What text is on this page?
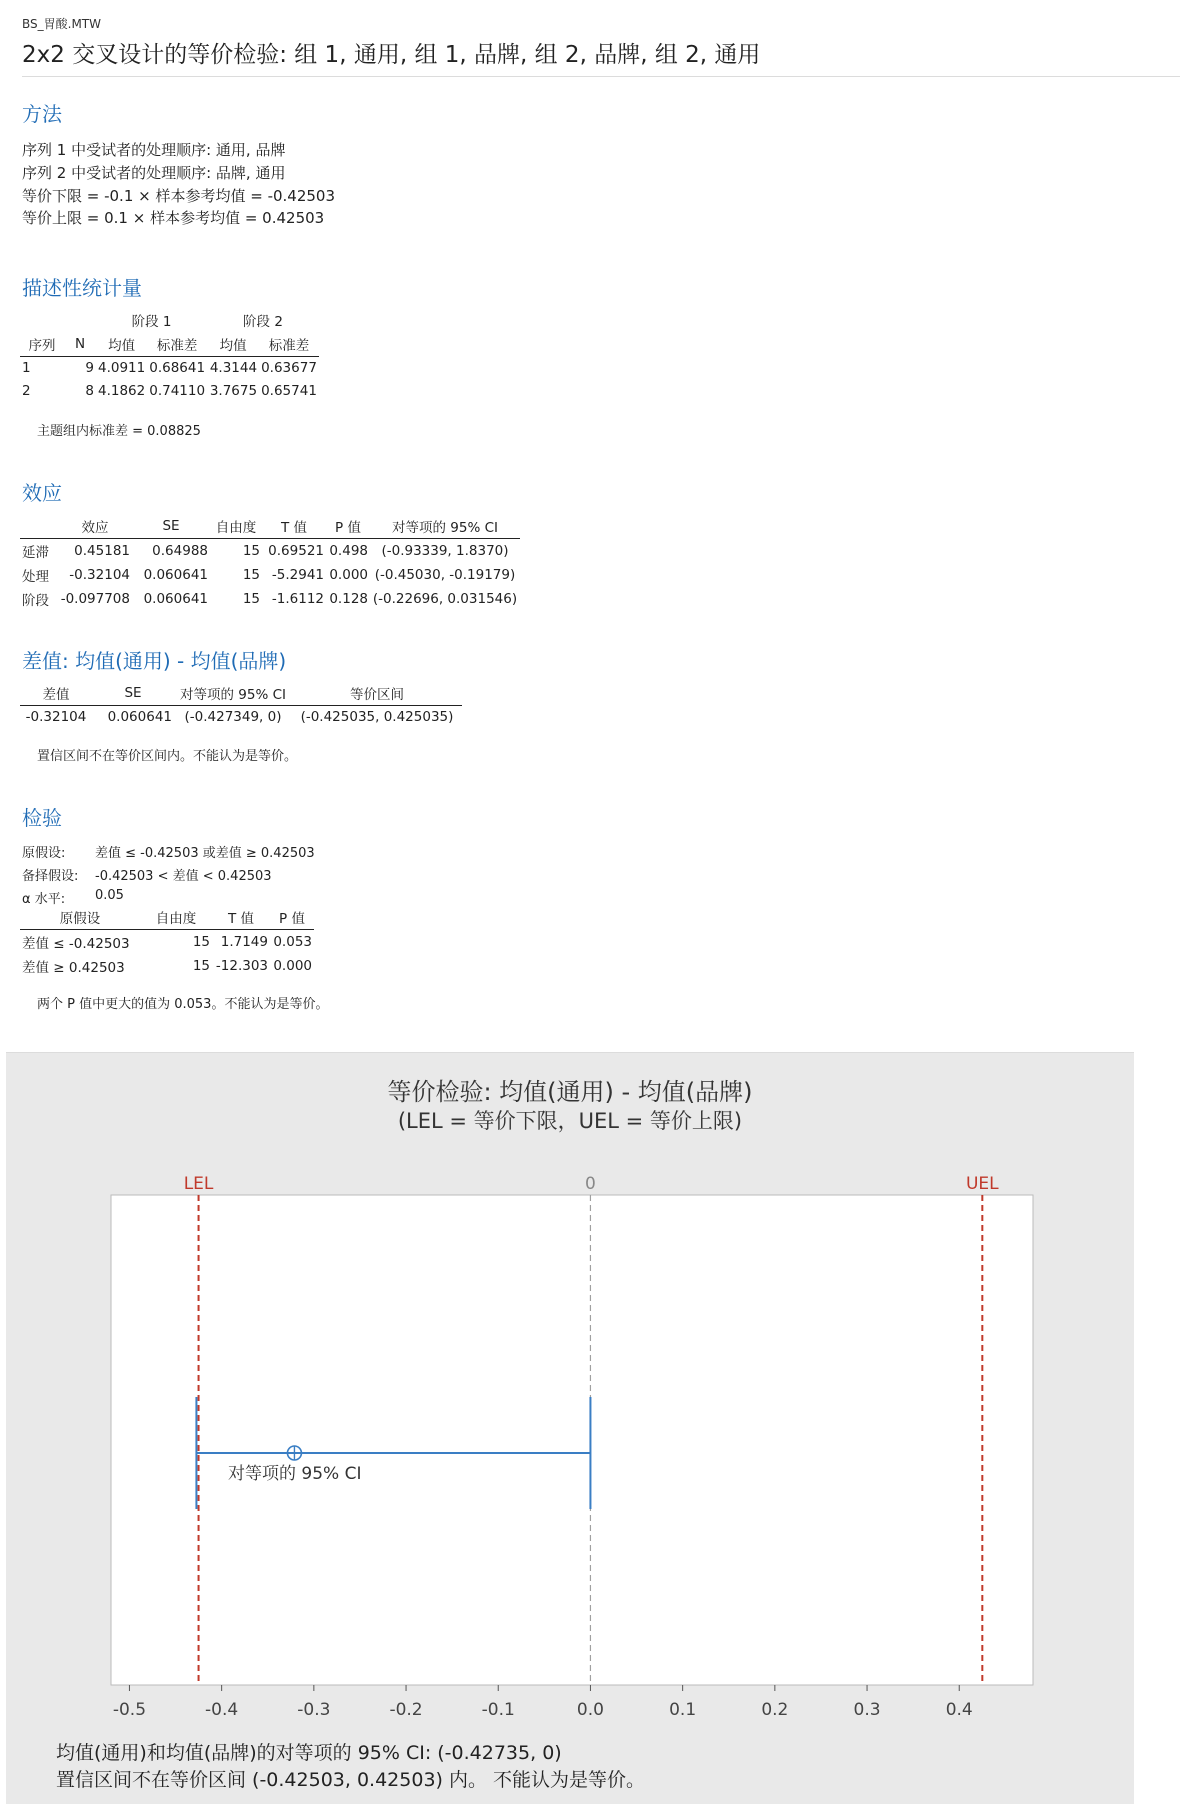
BS_胃酸.MTW
2x2 交叉设计的等价检验: 组 1, 通用, 组 1, 品牌, 组 2, 品牌, 组 2, 通用
方法
序列 1 中受试者的处理顺序: 通用, 品牌
序列 2 中受试者的处理顺序: 品牌, 通用
等价下限 = -0.1 × 样本参考均值 = -0.42503
等价上限 = 0.1 × 样本参考均值 = 0.42503
描述性统计量
		阶段 1		阶段 2	
序列	N	均值	标准差	均值	标准差
1	9	4.0911	0.68641	4.3144	0.63677
2	8	4.1862	0.74110	3.7675	0.65741
主题组内标准差 = 0.08825
效应
	效应	SE	自由度	T 值	P 值	对等项的 95% CI
延滞	0.45181	0.64988	15	0.69521	0.498	(-0.93339, 1.8370)
处理	-0.32104	0.060641	15	-5.2941	0.000	(-0.45030, -0.19179)
阶段	-0.097708	0.060641	15	-1.6112	0.128	(-0.22696, 0.031546)
差值: 均值(通用) - 均值(品牌)
差值	SE	对等项的 95% CI	等价区间
-0.32104	0.060641	(-0.427349, 0)	(-0.425035, 0.425035)
置信区间不在等价区间内。不能认为是等价。
检验
原假设: 差值 ≤ -0.42503 或差值 ≥ 0.42503
备择假设: -0.42503 < 差值 < 0.42503
α 水平: 0.05
原假设	自由度	T 值	P 值
差值 ≤ -0.42503	15	1.7149	0.053
差值 ≥ 0.42503	15	-12.303	0.000
两个 P 值中更大的值为 0.053。不能认为是等价。
等价检验: 均值(通用) - 均值(品牌)
(LEL = 等价下限，UEL = 等价上限)
-0.5	-0.4	-0.3	-0.2	-0.1	0.0	0.1	0.2	0.3	0.4
LEL	0	UEL
对等项的 95% CI
均值(通用)和均值(品牌)的对等项的 95% CI: (-0.42735, 0)
置信区间不在等价区间 (-0.42503, 0.42503) 内。 不能认为是等价。
